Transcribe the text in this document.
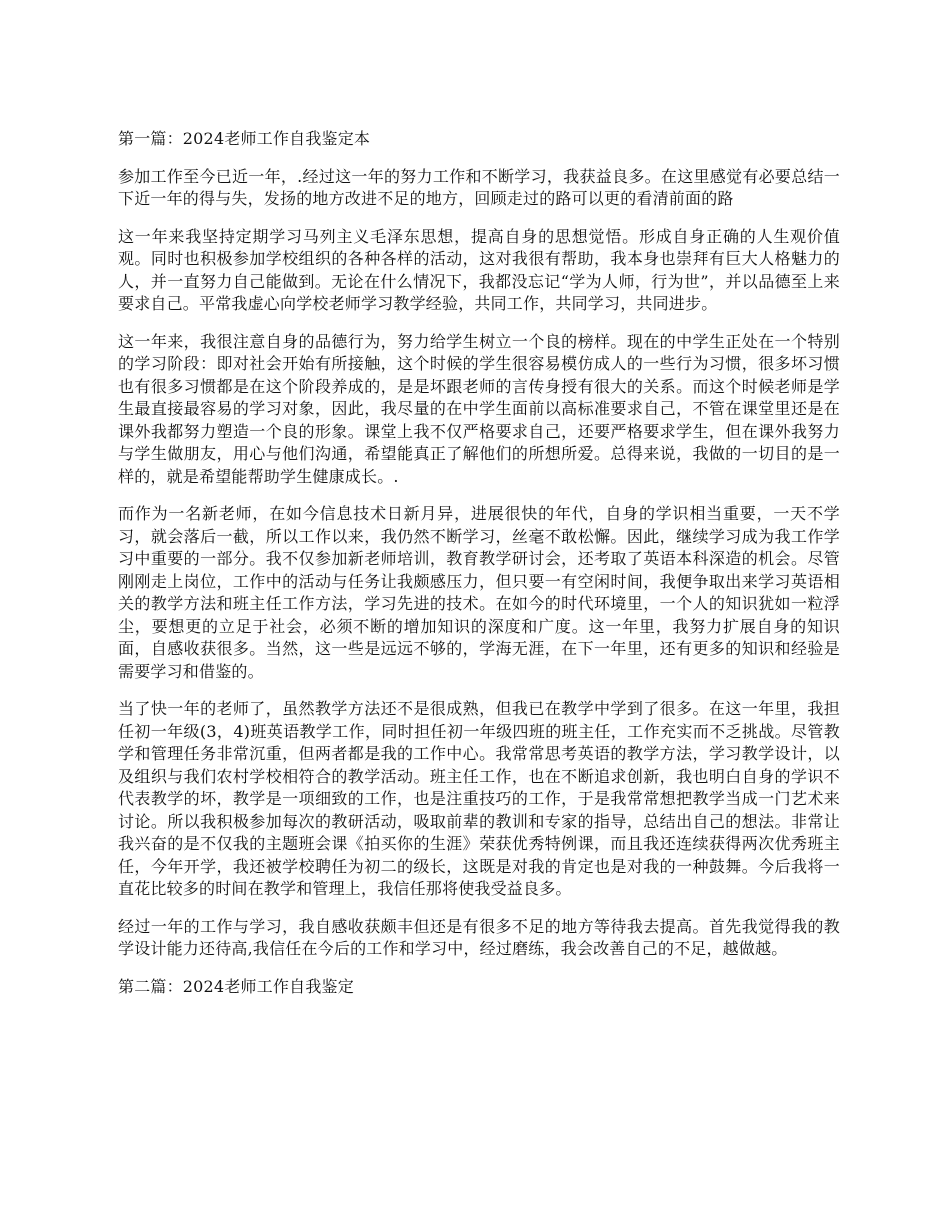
第一篇：2024老师工作自我鉴定本

参加工作至今已近一年，.经过这一年的努力工作和不断学习，我获益良多。在这里感觉有必要总结一下近一年的得与失，发扬的地方改进不足的地方，回顾走过的路可以更的看清前面的路

这一年来我坚持定期学习马列主义毛泽东思想，提高自身的思想觉悟。形成自身正确的人生观价值观。同时也积极参加学校组织的各种各样的活动，这对我很有帮助，我本身也崇拜有巨大人格魅力的人，并一直努力自己能做到。无论在什么情况下，我都没忘记“学为人师，行为世”，并以品德至上来要求自己。平常我虚心向学校老师学习教学经验，共同工作，共同学习，共同进步。

这一年来，我很注意自身的品德行为，努力给学生树立一个良的榜样。现在的中学生正处在一个特别的学习阶段：即对社会开始有所接触，这个时候的学生很容易模仿成人的一些行为习惯，很多坏习惯也有很多习惯都是在这个阶段养成的，是是坏跟老师的言传身授有很大的关系。而这个时候老师是学生最直接最容易的学习对象，因此，我尽量的在中学生面前以高标准要求自己，不管在课堂里还是在课外我都努力塑造一个良的形象。课堂上我不仅严格要求自己，还要严格要求学生，但在课外我努力与学生做朋友，用心与他们沟通，希望能真正了解他们的所想所爱。总得来说，我做的一切目的是一样的，就是希望能帮助学生健康成长。.

而作为一名新老师，在如今信息技术日新月异，进展很快的年代，自身的学识相当重要，一天不学习，就会落后一截，所以工作以来，我仍然不断学习，丝毫不敢松懈。因此，继续学习成为我工作学习中重要的一部分。我不仅参加新老师培训，教育教学研讨会，还考取了英语本科深造的机会。尽管刚刚走上岗位，工作中的活动与任务让我颇感压力，但只要一有空闲时间，我便争取出来学习英语相关的教学方法和班主任工作方法，学习先进的技术。在如今的时代环境里，一个人的知识犹如一粒浮尘，要想更的立足于社会，必须不断的增加知识的深度和广度。这一年里，我努力扩展自身的知识面，自感收获很多。当然，这一些是远远不够的，学海无涯，在下一年里，还有更多的知识和经验是需要学习和借鉴的。

当了快一年的老师了，虽然教学方法还不是很成熟，但我已在教学中学到了很多。在这一年里，我担任初一年级(3，4)班英语教学工作，同时担任初一年级四班的班主任，工作充实而不乏挑战。尽管教学和管理任务非常沉重，但两者都是我的工作中心。我常常思考英语的教学方法，学习教学设计，以及组织与我们农村学校相符合的教学活动。班主任工作，也在不断追求创新，我也明白自身的学识不代表教学的坏，教学是一项细致的工作，也是注重技巧的工作，于是我常常想把教学当成一门艺术来讨论。所以我积极参加每次的教研活动，吸取前辈的教训和专家的指导，总结出自己的想法。非常让我兴奋的是不仅我的主题班会课《拍买你的生涯》荣获优秀特例课，而且我还连续获得两次优秀班主任，今年开学，我还被学校聘任为初二的级长，这既是对我的肯定也是对我的一种鼓舞。今后我将一直花比较多的时间在教学和管理上，我信任那将使我受益良多。

经过一年的工作与学习，我自感收获颇丰但还是有很多不足的地方等待我去提高。首先我觉得我的教学设计能力还待高,我信任在今后的工作和学习中，经过磨练，我会改善自己的不足，越做越。

第二篇：2024老师工作自我鉴定
